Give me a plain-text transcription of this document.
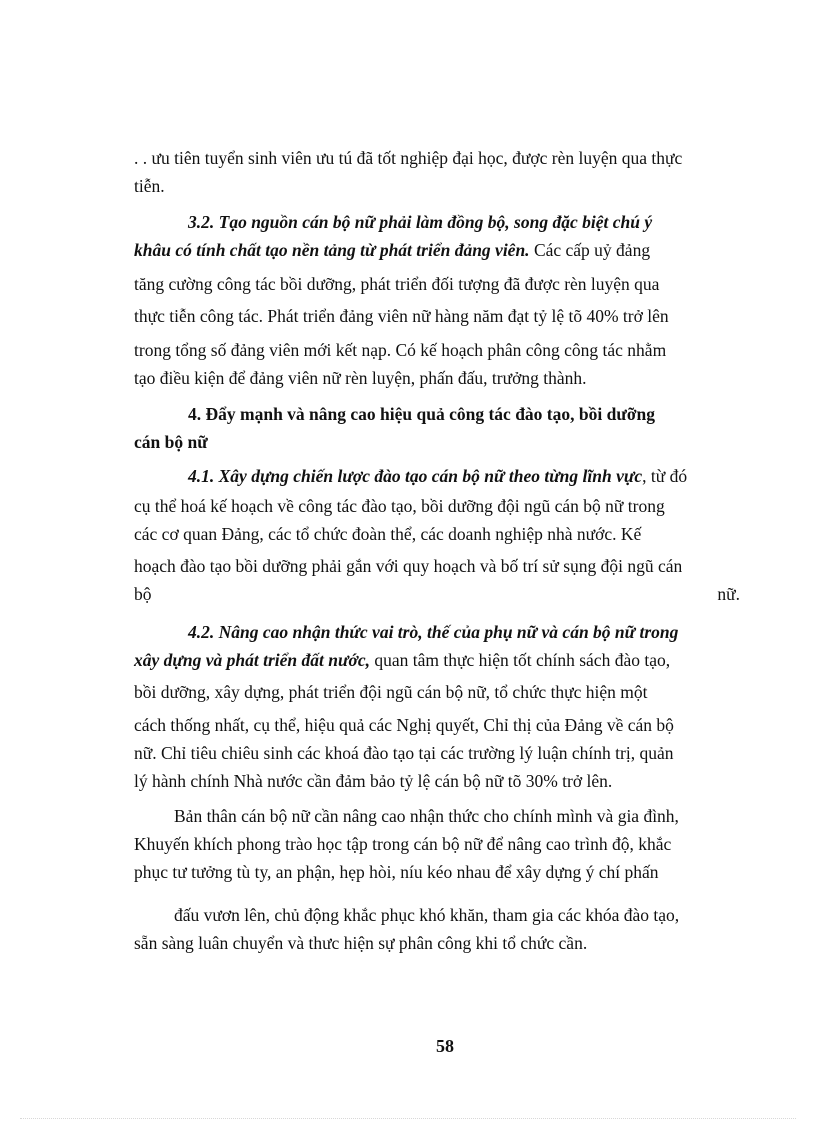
. . ưu tiên tuyển sinh viên ưu tú đã tốt nghiệp đại học, được rèn luyện qua thực

tiễn.

3.2. Tạo nguồn cán bộ nữ phải làm đồng bộ, song đặc biệt chú ý

khâu có tính chất tạo nền tảng từ phát triển đảng viên. Các cấp uỷ đảng

tăng cường công tác bồi dưỡng, phát triển đối tượng đã được rèn luyện qua

thực tiễn công tác. Phát triển đảng viên nữ hàng năm đạt tỷ lệ tõ 40% trở lên

trong tổng số đảng viên mới kết nạp. Có kế hoạch phân công công tác nhằm

tạo điều kiện để đảng viên nữ rèn luyện, phấn đấu, trưởng thành.

4. Đẩy mạnh và nâng cao hiệu quả công tác đào tạo, bồi dưỡng

cán bộ nữ

4.1. Xây dựng chiến lược đào tạo cán bộ nữ theo từng lĩnh vực, từ đó

cụ thể hoá kế hoạch về công tác đào tạo, bồi dưỡng đội ngũ cán bộ nữ trong

các cơ quan Đảng, các tổ chức đoàn thể, các doanh nghiệp nhà nước. Kế

hoạch đào tạo bồi dưỡng phải gắn với quy hoạch và bố trí sử sụng đội ngũ cán

bộ	nữ.

4.2. Nâng cao nhận thức vai trò, thế của phụ nữ và cán bộ nữ trong

xây dựng và phát triển đất nước, quan tâm thực hiện tốt chính sách đào tạo,

bồi dưỡng, xây dựng, phát triển đội ngũ cán bộ nữ, tổ chức thực hiện một

cách thống nhất, cụ thể, hiệu quả các Nghị quyết, Chỉ thị của Đảng về cán bộ

nữ. Chỉ tiêu chiêu sinh các khoá đào tạo tại các trường lý luận chính trị, quản

lý hành chính Nhà nước cần đảm bảo tỷ lệ cán bộ nữ tõ 30% trở lên.

Bản thân cán bộ nữ cần nâng cao nhận thức cho chính mình và gia đình,

Khuyến khích phong trào học tập trong cán bộ nữ để nâng cao trình độ, khắc

phục tư tưởng tù ty, an phận, hẹp hòi, níu kéo nhau để xây dựng ý chí phấn

đấu vươn lên, chủ động khắc phục khó khăn, tham gia các khóa đào tạo,

sẵn sàng luân chuyển và thưc hiện sự phân công khi tổ chức cần.

58
